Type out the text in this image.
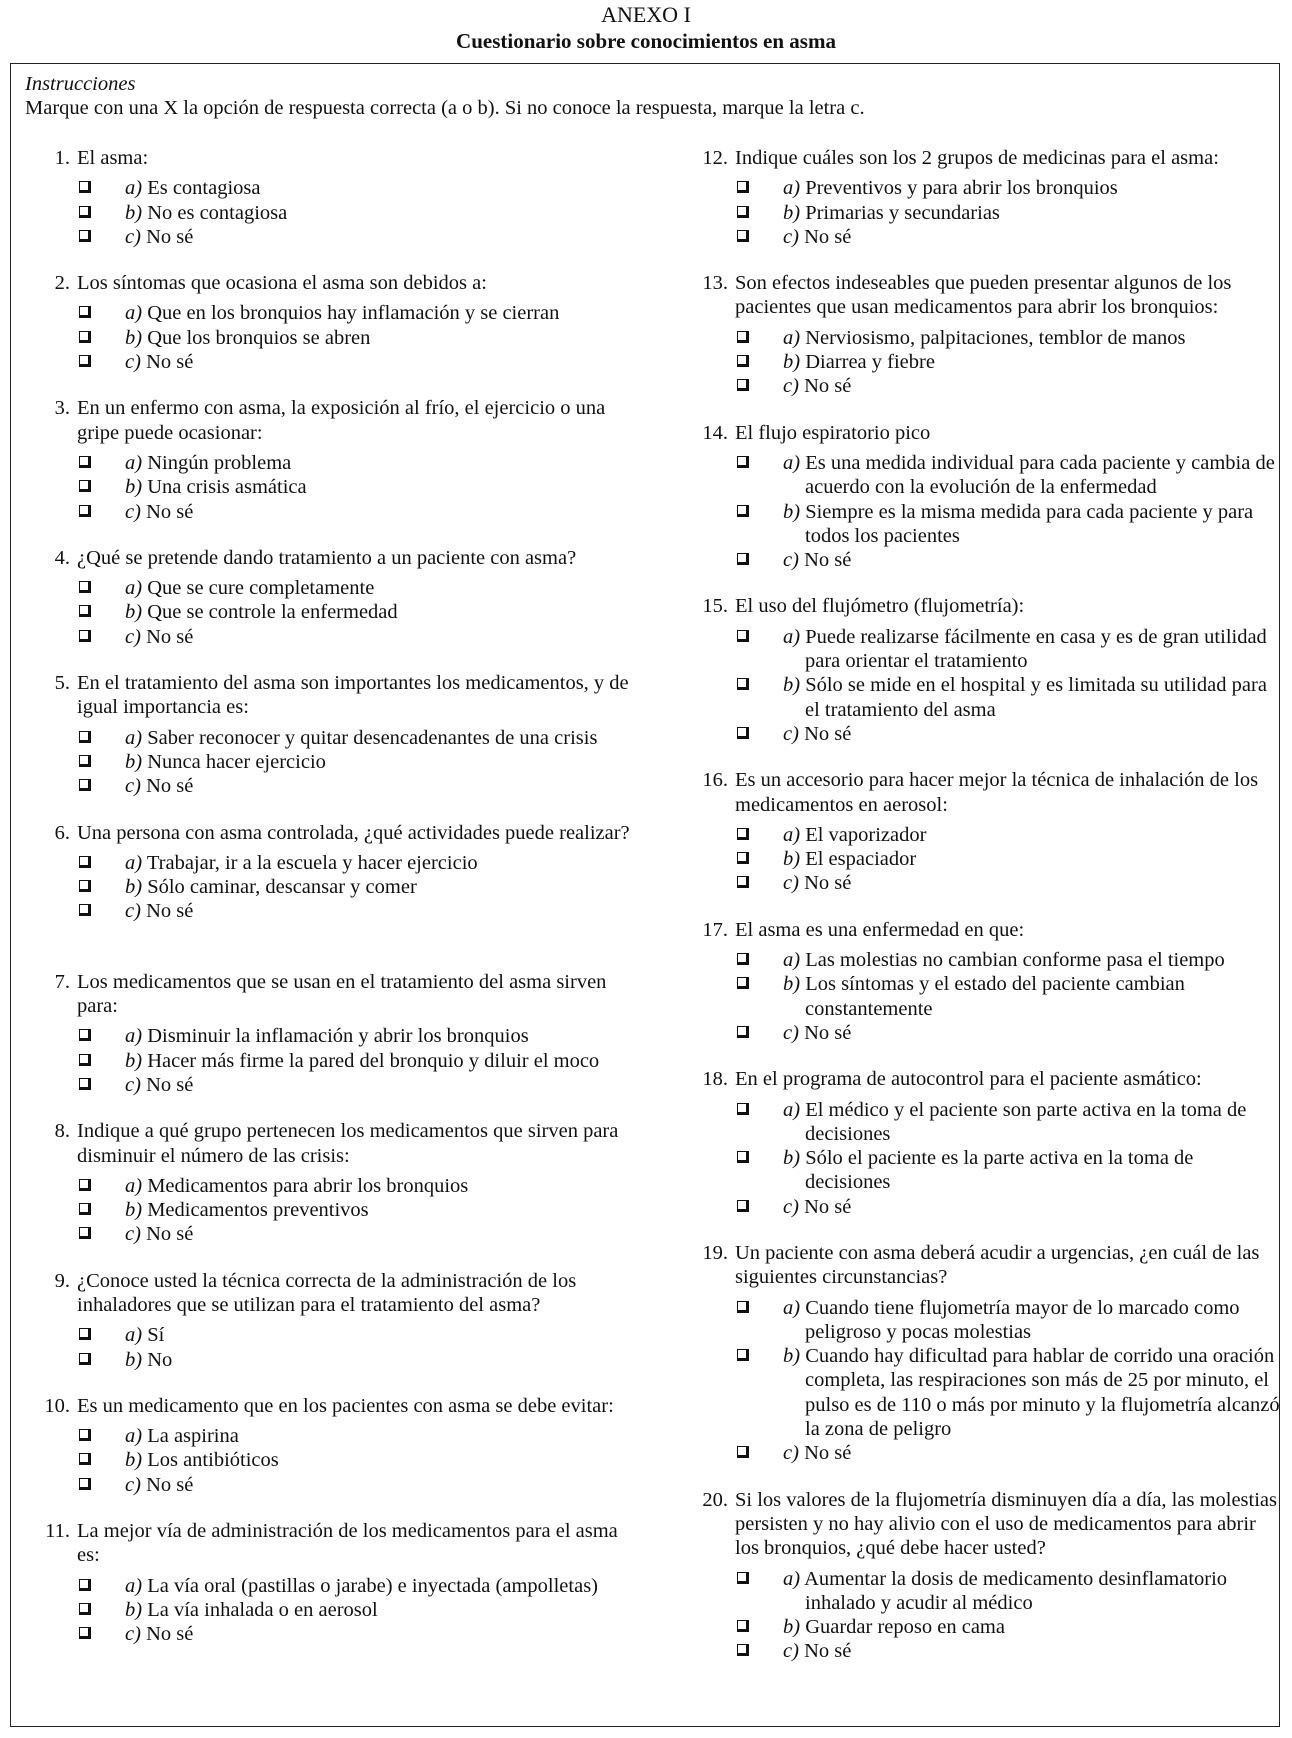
ANEXO I
Cuestionario sobre conocimientos en asma
Instrucciones
Marque con una X la opción de respuesta correcta (a o b). Si no conoce la respuesta, marque la letra c.
1. El asma:
a) Es contagiosa
b) No es contagiosa
c) No sé
2. Los síntomas que ocasiona el asma son debidos a:
a) Que en los bronquios hay inflamación y se cierran
b) Que los bronquios se abren
c) No sé
3. En un enfermo con asma, la exposición al frío, el ejercicio o una gripe puede ocasionar:
a) Ningún problema
b) Una crisis asmática
c) No sé
4. ¿Qué se pretende dando tratamiento a un paciente con asma?
a) Que se cure completamente
b) Que se controle la enfermedad
c) No sé
5. En el tratamiento del asma son importantes los medicamentos, y de igual importancia es:
a) Saber reconocer y quitar desencadenantes de una crisis
b) Nunca hacer ejercicio
c) No sé
6. Una persona con asma controlada, ¿qué actividades puede realizar?
a) Trabajar, ir a la escuela y hacer ejercicio
b) Sólo caminar, descansar y comer
c) No sé
7. Los medicamentos que se usan en el tratamiento del asma sirven para:
a) Disminuir la inflamación y abrir los bronquios
b) Hacer más firme la pared del bronquio y diluir el moco
c) No sé
8. Indique a qué grupo pertenecen los medicamentos que sirven para disminuir el número de las crisis:
a) Medicamentos para abrir los bronquios
b) Medicamentos preventivos
c) No sé
9. ¿Conoce usted la técnica correcta de la administración de los inhaladores que se utilizan para el tratamiento del asma?
a) Sí
b) No
10. Es un medicamento que en los pacientes con asma se debe evitar:
a) La aspirina
b) Los antibióticos
c) No sé
11. La mejor vía de administración de los medicamentos para el asma es:
a) La vía oral (pastillas o jarabe) e inyectada (ampolletas)
b) La vía inhalada o en aerosol
c) No sé
12. Indique cuáles son los 2 grupos de medicinas para el asma:
a) Preventivos y para abrir los bronquios
b) Primarias y secundarias
c) No sé
13. Son efectos indeseables que pueden presentar algunos de los pacientes que usan medicamentos para abrir los bronquios:
a) Nerviosismo, palpitaciones, temblor de manos
b) Diarrea y fiebre
c) No sé
14. El flujo espiratorio pico
a) Es una medida individual para cada paciente y cambia de acuerdo con la evolución de la enfermedad
b) Siempre es la misma medida para cada paciente y para todos los pacientes
c) No sé
15. El uso del flujómetro (flujometría):
a) Puede realizarse fácilmente en casa y es de gran utilidad para orientar el tratamiento
b) Sólo se mide en el hospital y es limitada su utilidad para el tratamiento del asma
c) No sé
16. Es un accesorio para hacer mejor la técnica de inhalación de los medicamentos en aerosol:
a) El vaporizador
b) El espaciador
c) No sé
17. El asma es una enfermedad en que:
a) Las molestias no cambian conforme pasa el tiempo
b) Los síntomas y el estado del paciente cambian constantemente
c) No sé
18. En el programa de autocontrol para el paciente asmático:
a) El médico y el paciente son parte activa en la toma de decisiones
b) Sólo el paciente es la parte activa en la toma de decisiones
c) No sé
19. Un paciente con asma deberá acudir a urgencias, ¿en cuál de las siguientes circunstancias?
a) Cuando tiene flujometría mayor de lo marcado como peligroso y pocas molestias
b) Cuando hay dificultad para hablar de corrido una oración completa, las respiraciones son más de 25 por minuto, el pulso es de 110 o más por minuto y la flujometría alcanzó la zona de peligro
c) No sé
20. Si los valores de la flujometría disminuyen día a día, las molestias persisten y no hay alivio con el uso de medicamentos para abrir los bronquios, ¿qué debe hacer usted?
a) Aumentar la dosis de medicamento desinflamatorio inhalado y acudir al médico
b) Guardar reposo en cama
c) No sé
